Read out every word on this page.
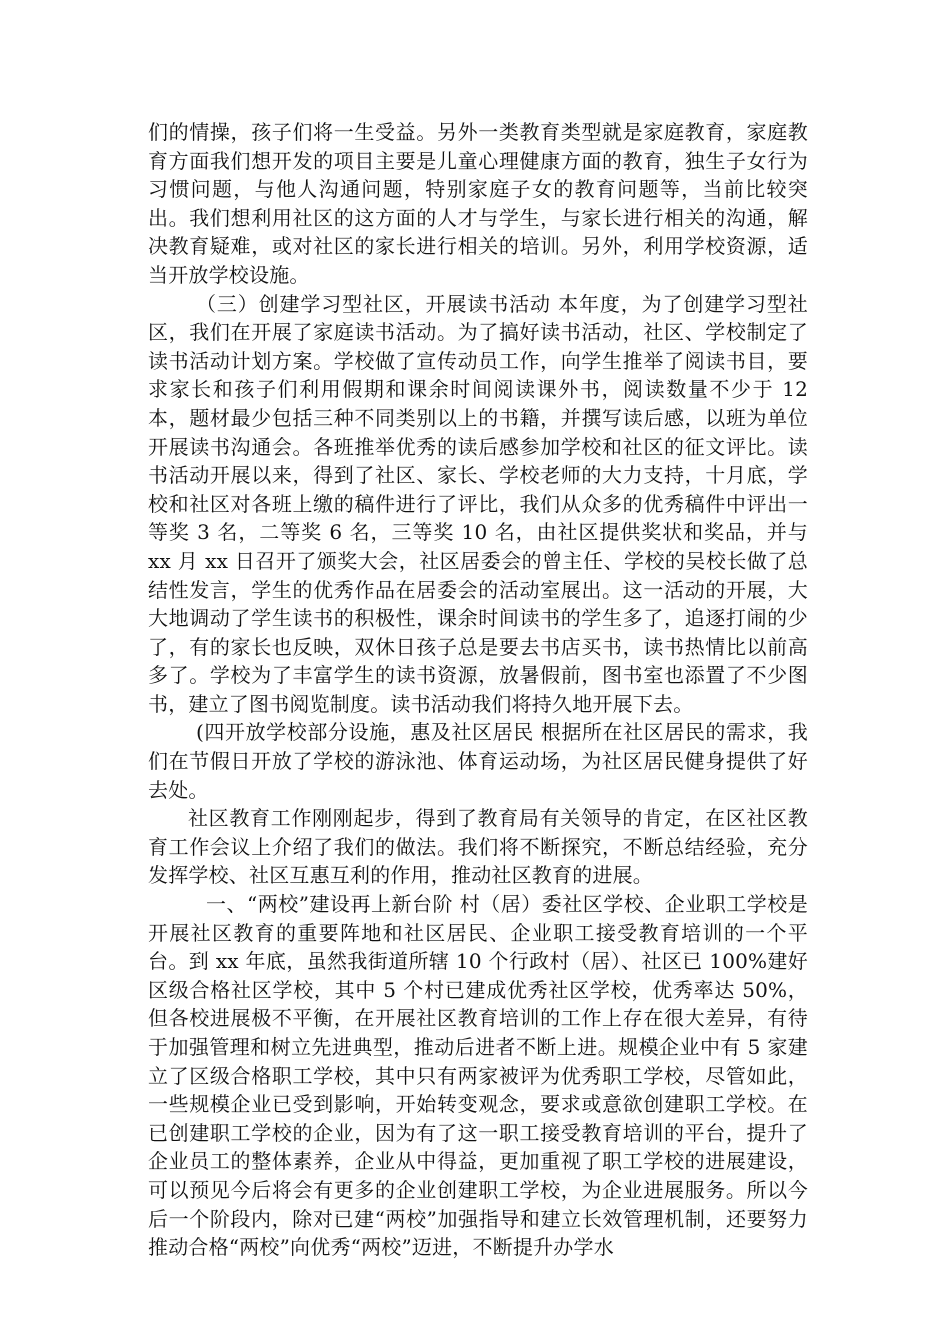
们的情操，孩子们将一生受益。另外一类教育类型就是家庭教育，家庭教育方面我们想开发的项目主要是儿童心理健康方面的教育，独生子女行为习惯问题，与他人沟通问题，特别家庭子女的教育问题等，当前比较突出。我们想利用社区的这方面的人才与学生，与家长进行相关的沟通，解决教育疑难，或对社区的家长进行相关的培训。另外，利用学校资源，适当开放学校设施。

（三）创建学习型社区，开展读书活动 本年度，为了创建学习型社区，我们在开展了家庭读书活动。为了搞好读书活动，社区、学校制定了读书活动计划方案。学校做了宣传动员工作，向学生推举了阅读书目，要求家长和孩子们利用假期和课余时间阅读课外书，阅读数量不少于 12 本，题材最少包括三种不同类别以上的书籍，并撰写读后感，以班为单位开展读书沟通会。各班推举优秀的读后感参加学校和社区的征文评比。读书活动开展以来，得到了社区、家长、学校老师的大力支持，十月底，学校和社区对各班上缴的稿件进行了评比，我们从众多的优秀稿件中评出一等奖 3 名，二等奖 6 名，三等奖 10 名，由社区提供奖状和奖品，并与 xx 月 xx 日召开了颁奖大会，社区居委会的曾主任、学校的吴校长做了总结性发言，学生的优秀作品在居委会的活动室展出。这一活动的开展，大大地调动了学生读书的积极性，课余时间读书的学生多了，追逐打闹的少了，有的家长也反映，双休日孩子总是要去书店买书，读书热情比以前高多了。学校为了丰富学生的读书资源，放暑假前，图书室也添置了不少图书，建立了图书阅览制度。读书活动我们将持久地开展下去。

(四开放学校部分设施，惠及社区居民 根据所在社区居民的需求，我们在节假日开放了学校的游泳池、体育运动场，为社区居民健身提供了好去处。

社区教育工作刚刚起步，得到了教育局有关领导的肯定，在区社区教育工作会议上介绍了我们的做法。我们将不断探究，不断总结经验，充分发挥学校、社区互惠互利的作用，推动社区教育的进展。

一、“两校”建设再上新台阶 村（居）委社区学校、企业职工学校是开展社区教育的重要阵地和社区居民、企业职工接受教育培训的一个平台。到 xx 年底，虽然我街道所辖 10 个行政村（居）、社区已 100%建好区级合格社区学校，其中 5 个村已建成优秀社区学校，优秀率达 50%，但各校进展极不平衡，在开展社区教育培训的工作上存在很大差异，有待于加强管理和树立先进典型，推动后进者不断上进。规模企业中有 5 家建立了区级合格职工学校，其中只有两家被评为优秀职工学校，尽管如此，一些规模企业已受到影响，开始转变观念，要求或意欲创建职工学校。在已创建职工学校的企业，因为有了这一职工接受教育培训的平台，提升了企业员工的整体素养，企业从中得益，更加重视了职工学校的进展建设，可以预见今后将会有更多的企业创建职工学校，为企业进展服务。所以今后一个阶段内，除对已建“两校”加强指导和建立长效管理机制，还要努力推动合格“两校”向优秀“两校”迈进，不断提升办学水
